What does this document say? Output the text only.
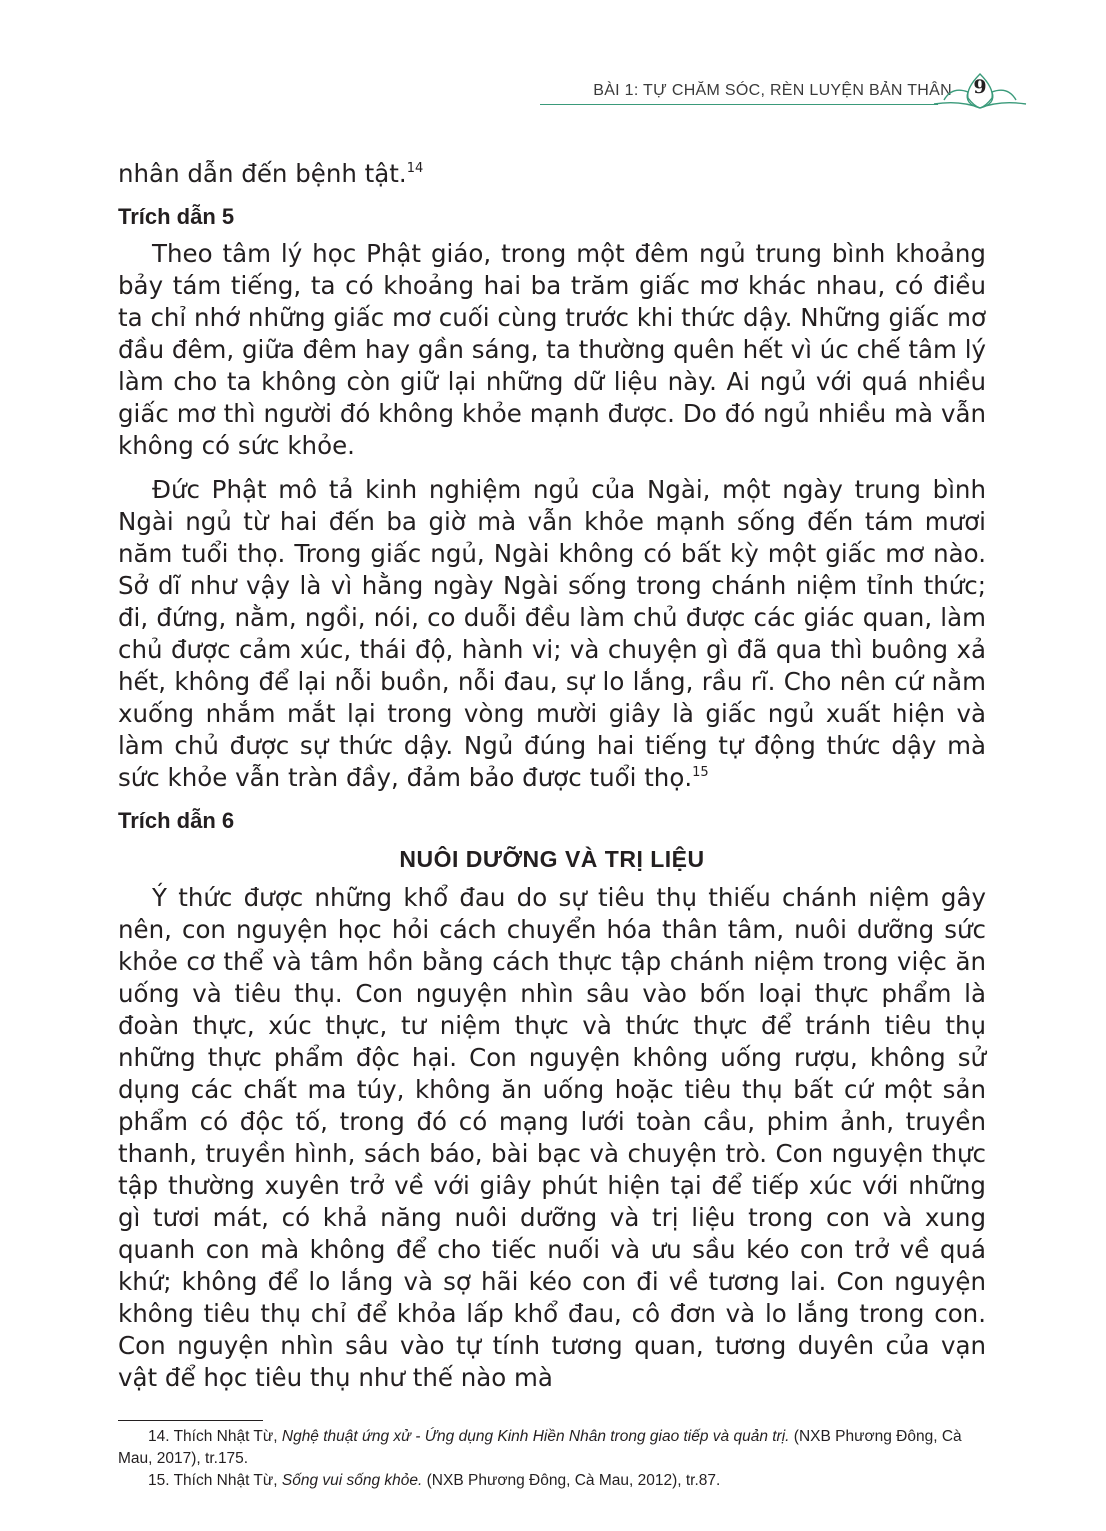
BÀI 1: TỰ CHĂM SÓC, RÈN LUYỆN BẢN THÂN	9

nhân dẫn đến bệnh tật.$^{14}$

Trích dẫn 5

Theo tâm lý học Phật giáo, trong một đêm ngủ trung bình khoảng bảy tám tiếng, ta có khoảng hai ba trăm giấc mơ khác nhau, có điều ta chỉ nhớ những giấc mơ cuối cùng trước khi thức dậy. Những giấc mơ đầu đêm, giữa đêm hay gần sáng, ta thường quên hết vì úc chế tâm lý làm cho ta không còn giữ lại những dữ liệu này. Ai ngủ với quá nhiều giấc mơ thì người đó không khỏe mạnh được. Do đó ngủ nhiều mà vẫn không có sức khỏe.

Đức Phật mô tả kinh nghiệm ngủ của Ngài, một ngày trung bình Ngài ngủ từ hai đến ba giờ mà vẫn khỏe mạnh sống đến tám mươi năm tuổi thọ. Trong giấc ngủ, Ngài không có bất kỳ một giấc mơ nào. Sở dĩ như vậy là vì hằng ngày Ngài sống trong chánh niệm tỉnh thức; đi, đứng, nằm, ngồi, nói, co duỗi đều làm chủ được các giác quan, làm chủ được cảm xúc, thái độ, hành vi; và chuyện gì đã qua thì buông xả hết, không để lại nỗi buồn, nỗi đau, sự lo lắng, rầu rĩ. Cho nên cứ nằm xuống nhắm mắt lại trong vòng mười giây là giấc ngủ xuất hiện và làm chủ được sự thức dậy. Ngủ đúng hai tiếng tự động thức dậy mà sức khỏe vẫn tràn đầy, đảm bảo được tuổi thọ.$^{15}$

Trích dẫn 6
NUÔI DƯỠNG VÀ TRỊ LIỆU

Ý thức được những khổ đau do sự tiêu thụ thiếu chánh niệm gây nên, con nguyện học hỏi cách chuyển hóa thân tâm, nuôi dưỡng sức khỏe cơ thể và tâm hồn bằng cách thực tập chánh niệm trong việc ăn uống và tiêu thụ. Con nguyện nhìn sâu vào bốn loại thực phẩm là đoàn thực, xúc thực, tư niệm thực và thức thực để tránh tiêu thụ những thực phẩm độc hại. Con nguyện không uống rượu, không sử dụng các chất ma túy, không ăn uống hoặc tiêu thụ bất cứ một sản phẩm có độc tố, trong đó có mạng lưới toàn cầu, phim ảnh, truyền thanh, truyền hình, sách báo, bài bạc và chuyện trò. Con nguyện thực tập thường xuyên trở về với giây phút hiện tại để tiếp xúc với những gì tươi mát, có khả năng nuôi dưỡng và trị liệu trong con và xung quanh con mà không để cho tiếc nuối và ưu sầu kéo con trở về quá khứ; không để lo lắng và sợ hãi kéo con đi về tương lai. Con nguyện không tiêu thụ chỉ để khỏa lấp khổ đau, cô đơn và lo lắng trong con. Con nguyện nhìn sâu vào tự tính tương quan, tương duyên của vạn vật để học tiêu thụ như thế nào mà

14. Thích Nhật Từ, Nghệ thuật ứng xử - Ứng dụng Kinh Hiền Nhân trong giao tiếp và quản trị. (NXB Phương Đông, Cà Mau, 2017), tr.175.

15. Thích Nhật Từ, Sống vui sống khỏe. (NXB Phương Đông, Cà Mau, 2012), tr.87.
